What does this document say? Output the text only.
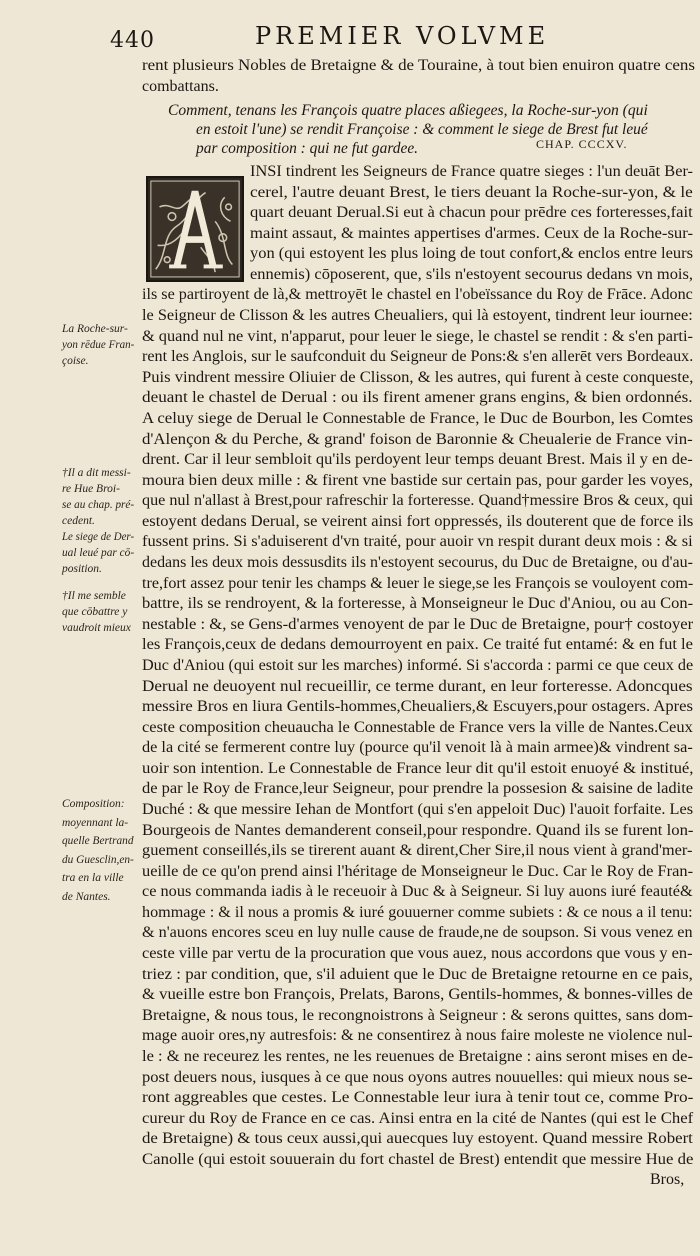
440	PREMIER VOLVME
rent plusieurs Nobles de Bretaigne & de Touraine, à tout bien enuiron quatre cens
combattans.
Comment, tenans les François quatre places aßiegees, la Roche-sur-yon (qui
en estoit l'une) se rendit Françoise : & comment le siege de Brest fut leué
par composition : qui ne fut gardee.	CHAP. CCCXV.
INSI tindrent les Seigneurs de France quatre sieges : l'un deuāt Ber-
cerel, l'autre deuant Brest, le tiers deuant la Roche-sur-yon, & le
quart deuant Derual.Si eut à chacun pour prēdre ces forteresses,fait
maint assaut, & maintes appertises d'armes. Ceux de la Roche-sur-
yon (qui estoyent les plus loing de tout confort,& enclos entre leurs
ennemis) cōposerent, que, s'ils n'estoyent secourus dedans vn mois,
ils se partiroyent de là,& mettroyēt le chastel en l'obeïssance du Roy de Frāce. Adonc
le Seigneur de Clisson & les autres Cheualiers, qui là estoyent, tindrent leur iournee:
& quand nul ne vint, n'apparut, pour leuer le siege, le chastel se rendit : & s'en parti-
rent les Anglois, sur le saufconduit du Seigneur de Pons:& s'en allerēt vers Bordeaux.
Puis vindrent messire Oliuier de Clisson, & les autres, qui furent à ceste conqueste,
deuant le chastel de Derual : ou ils firent amener grans engins, & bien ordonnés.
A celuy siege de Derual le Connestable de France, le Duc de Bourbon, les Comtes
d'Alençon & du Perche, & grand' foison de Baronnie & Cheualerie de France vin-
drent. Car il leur sembloit qu'ils perdoyent leur temps deuant Brest. Mais il y en de-
moura bien deux mille : & firent vne bastide sur certain pas, pour garder les voyes,
que nul n'allast à Brest,pour rafreschir la forteresse. Quand†messire Bros & ceux, qui
estoyent dedans Derual, se veirent ainsi fort oppressés, ils douterent que de force ils
fussent prins. Si s'aduiserent d'vn traité, pour auoir vn respit durant deux mois : & si
dedans les deux mois dessusdits ils n'estoyent secourus, du Duc de Bretaigne, ou d'au-
tre,fort assez pour tenir les champs & leuer le siege,se les François se vouloyent com-
battre, ils se rendroyent, & la forteresse, à Monseigneur le Duc d'Aniou, ou au Con-
nestable : &, se Gens-d'armes venoyent de par le Duc de Bretaigne, pour† costoyer
les François,ceux de dedans demourroyent en paix. Ce traité fut entamé: & en fut le
Duc d'Aniou (qui estoit sur les marches) informé. Si s'accorda : parmi ce que ceux de
Derual ne deuoyent nul recueillir, ce terme durant, en leur forteresse. Adoncques
messire Bros en liura Gentils-hommes,Cheualiers,& Escuyers,pour ostagers. Apres
ceste composition cheuaucha le Connestable de France vers la ville de Nantes.Ceux
de la cité se fermerent contre luy (pource qu'il venoit là à main armee)& vindrent sa-
uoir son intention. Le Connestable de France leur dit qu'il estoit enuoyé & institué,
de par le Roy de France,leur Seigneur, pour prendre la possesion & saisine de ladite
Duché : & que messire Iehan de Montfort (qui s'en appeloit Duc) l'auoit forfaite. Les
Bourgeois de Nantes demanderent conseil,pour respondre. Quand ils se furent lon-
guement conseillés,ils se tirerent auant & dirent,Cher Sire,il nous vient à grand'mer-
ueille de ce qu'on prend ainsi l'héritage de Monseigneur le Duc. Car le Roy de Fran-
ce nous commanda iadis à le receuoir à Duc & à Seigneur. Si luy auons iuré feauté&
hommage : & il nous a promis & iuré gouuerner comme subiets : & ce nous a il tenu:
& n'auons encores sceu en luy nulle cause de fraude,ne de soupson. Si vous venez en
ceste ville par vertu de la procuration que vous auez, nous accordons que vous y en-
triez : par condition, que, s'il aduient que le Duc de Bretaigne retourne en ce pais,
& vueille estre bon François, Prelats, Barons, Gentils-hommes, & bonnes-villes de
Bretaigne, & nous tous, le recongnoistrons à Seigneur : & serons quittes, sans dom-
mage auoir ores,ny autresfois: & ne consentirez à nous faire moleste ne violence nul-
le : & ne receurez les rentes, ne les reuenues de Bretaigne : ains seront mises en de-
post deuers nous, iusques à ce que nous oyons autres nouuelles: qui mieux nous se-
ront aggreables que cestes. Le Connestable leur iura à tenir tout ce, comme Pro-
cureur du Roy de France en ce cas. Ainsi entra en la cité de Nantes (qui est le Chef
de Bretaigne) & tous ceux aussi,qui auecques luy estoyent. Quand messire Robert
Canolle (qui estoit souuerain du fort chastel de Brest) entendit que messire Hue de
Bros,
La Roche-sur-
yon rēdue Fran-
çoise.
†Il a dit messi-
re Hue Broi-
se au chap. pré-
cedent.
Le siege de Der-
ual leué par cō-
position.
†Il me semble
que cōbattre y
vaudroit mieux
Composition:
moyennant la-
quelle Bertrand
du Guesclin,en-
tra en la ville
de Nantes.
